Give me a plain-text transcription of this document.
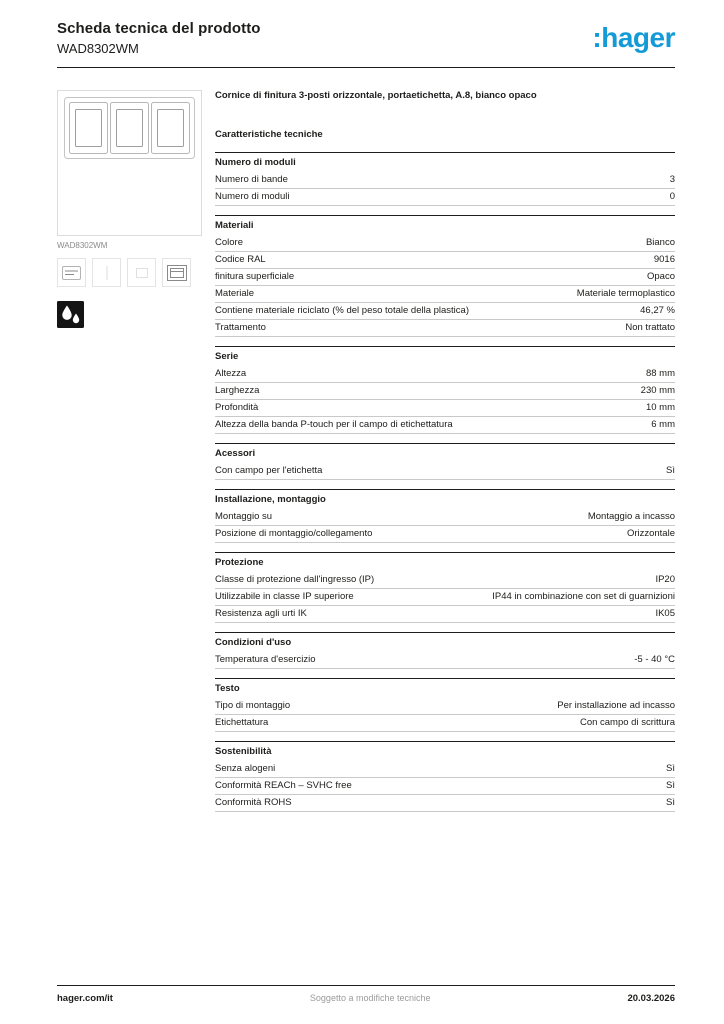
Scheda tecnica del prodotto
WAD8302WM	:hager
WAD8302WM
Cornice di finitura 3-posti orizzontale, portaetichetta, A.8, bianco opaco
Caratteristiche tecniche
Numero di moduli
Numero di bande	3
Numero di moduli	0
Materiali
Colore	Bianco
Codice RAL	9016
finitura superficiale	Opaco
Materiale	Materiale termoplastico
Contiene materiale riciclato (% del peso totale della plastica)	46,27 %
Trattamento	Non trattato
Serie
Altezza	88 mm
Larghezza	230 mm
Profondità	10 mm
Altezza della banda P-touch per il campo di etichettatura	6 mm
Acessori
Con campo per l'etichetta	Sì
Installazione, montaggio
Montaggio su	Montaggio a incasso
Posizione di montaggio/collegamento	Orizzontale
Protezione
Classe di protezione dall'ingresso (IP)	IP20
Utilizzabile in classe IP superiore	IP44 in combinazione con set di guarnizioni
Resistenza agli urti IK	IK05
Condizioni d'uso
Temperatura d'esercizio	-5 - 40 °C
Testo
Tipo di montaggio	Per installazione ad incasso
Etichettatura	Con campo di scrittura
Sostenibilità
Senza alogeni	Sì
Conformità REACh – SVHC free	Sì
Conformità ROHS	Sì
hager.com/it	Soggetto a modifiche tecniche	20.03.2026
